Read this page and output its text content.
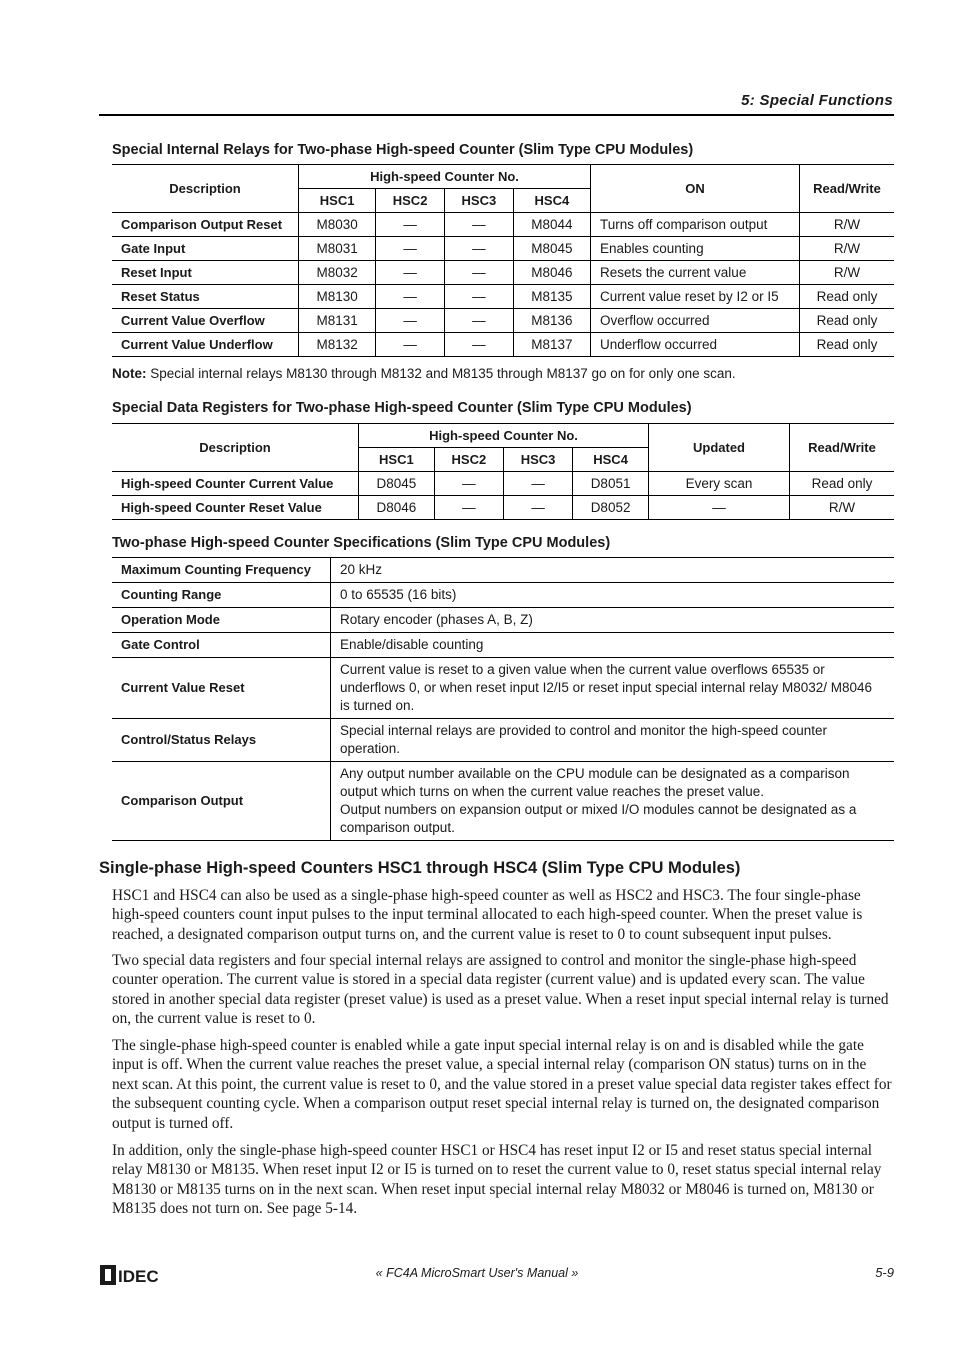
5: Special Functions
Special Internal Relays for Two-phase High-speed Counter (Slim Type CPU Modules)
Description	High-speed Counter No.				ON	Read/Write
	HSC1	HSC2	HSC3	HSC4		
Comparison Output Reset	M8030	—	—	M8044	Turns off comparison output	R/W
Gate Input	M8031	—	—	M8045	Enables counting	R/W
Reset Input	M8032	—	—	M8046	Resets the current value	R/W
Reset Status	M8130	—	—	M8135	Current value reset by I2 or I5	Read only
Current Value Overflow	M8131	—	—	M8136	Overflow occurred	Read only
Current Value Underflow	M8132	—	—	M8137	Underflow occurred	Read only
Note: Special internal relays M8130 through M8132 and M8135 through M8137 go on for only one scan.
Special Data Registers for Two-phase High-speed Counter (Slim Type CPU Modules)
Description	High-speed Counter No.				Updated	Read/Write
	HSC1	HSC2	HSC3	HSC4		
High-speed Counter Current Value	D8045	—	—	D8051	Every scan	Read only
High-speed Counter Reset Value	D8046	—	—	D8052	—	R/W
Two-phase High-speed Counter Specifications (Slim Type CPU Modules)
Maximum Counting Frequency	20 kHz
Counting Range	0 to 65535 (16 bits)
Operation Mode	Rotary encoder (phases A, B, Z)
Gate Control	Enable/disable counting
Current Value Reset	Current value is reset to a given value when the current value overflows 65535 or underflows 0, or when reset input I2/I5 or reset input special internal relay M8032/ M8046 is turned on.
Control/Status Relays	Special internal relays are provided to control and monitor the high-speed counter operation.
Comparison Output	Any output number available on the CPU module can be designated as a comparison output which turns on when the current value reaches the preset value.
Output numbers on expansion output or mixed I/O modules cannot be designated as a comparison output.
Single-phase High-speed Counters HSC1 through HSC4 (Slim Type CPU Modules)

HSC1 and HSC4 can also be used as a single-phase high-speed counter as well as HSC2 and HSC3. The four single-phase high-speed counters count input pulses to the input terminal allocated to each high-speed counter. When the preset value is reached, a designated comparison output turns on, and the current value is reset to 0 to count subsequent input pulses.

Two special data registers and four special internal relays are assigned to control and monitor the single-phase high-speed counter operation. The current value is stored in a special data register (current value) and is updated every scan. The value stored in another special data register (preset value) is used as a preset value. When a reset input special internal relay is turned on, the current value is reset to 0.

The single-phase high-speed counter is enabled while a gate input special internal relay is on and is disabled while the gate input is off. When the current value reaches the preset value, a special internal relay (comparison ON status) turns on in the next scan. At this point, the current value is reset to 0, and the value stored in a preset value special data register takes effect for the subsequent counting cycle. When a comparison output reset special internal relay is turned on, the designated comparison output is turned off.

In addition, only the single-phase high-speed counter HSC1 or HSC4 has reset input I2 or I5 and reset status special internal relay M8130 or M8135. When reset input I2 or I5 is turned on to reset the current value to 0, reset status special internal relay M8130 or M8135 turns on in the next scan. When reset input special internal relay M8032 or M8046 is turned on, M8130 or M8135 does not turn on. See page 5-14.

IDEC	« FC4A MicroSmart User's Manual »	5-9
